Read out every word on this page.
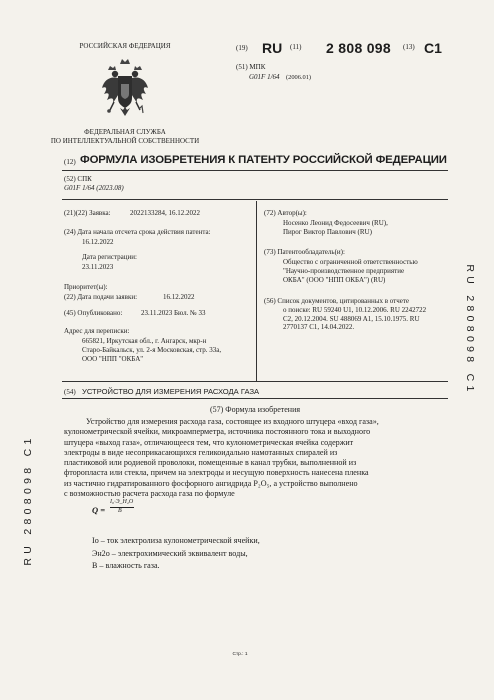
РОССИЙСКАЯ ФЕДЕРАЦИЯ
ФЕДЕРАЛЬНАЯ СЛУЖБА
ПО ИНТЕЛЛЕКТУАЛЬНОЙ СОБСТВЕННОСТИ
(19) RU (11) 2 808 098 (13) C1
(51) МПК
G01F 1/64 (2006.01)
(12) ФОРМУЛА ИЗОБРЕТЕНИЯ К ПАТЕНТУ РОССИЙСКОЙ ФЕДЕРАЦИИ
(52) СПК
G01F 1/64 (2023.08)
(21)(22) Заявка:	2022133284, 16.12.2022
(24) Дата начала отсчета срока действия патента:
16.12.2022
Дата регистрации:
23.11.2023
Приоритет(ы):
(22) Дата подачи заявки:	16.12.2022
(45) Опубликовано:	23.11.2023 Бюл. № 33
Адрес для переписки:
665821, Иркутская обл., г. Ангарск, мкр-н
Старо-Байкальск, ул. 2-я Московская, стр. 33а,
ООО "НПП "ОКБА"
(72) Автор(ы):
Носенко Леонид Федосеевич (RU),
Пирог Виктор Павлович (RU)
(73) Патентообладатель(и):
Общество с ограниченной ответственностью
"Научно-производственное предприятие
ОКБА" (ООО "НПП ОКБА") (RU)
(56) Список документов, цитированных в отчете
о поиске: RU 59240 U1, 10.12.2006. RU 2242722
C2, 20.12.2004. SU 488069 A1, 15.10.1975. RU
2770137 C1, 14.04.2022.
(54) УСТРОЙСТВО ДЛЯ ИЗМЕРЕНИЯ РАСХОДА ГАЗА
(57) Формула изобретения
Устройство для измерения расхода газа, состоящее из входного штуцера «вход газа»,
кулонометрической ячейки, микроамперметра, источника постоянного тока и выходного
штуцера «выход газа», отличающееся тем, что кулонометрическая ячейка содержит
электроды в виде несоприкасающихся геликоидально намотанных спиралей из
пластиковой или родиевой проволоки, помещенные в канал трубки, выполненной из
фторопласта или стекла, причем на электроды и несущую поверхность нанесена пленка
из частично гидратированного фосфорного ангидрида P₂O₅, а устройство выполнено
с возможностью расчета расхода газа по формуле
Q =
I₀·Э_H₂O
B
Iо – ток электролиза кулонометрической ячейки,
Эн2о – электрохимический эквивалент воды,
В – влажность газа.
Стр.: 1
RU 2808098 C1
RU 2808098 C1
